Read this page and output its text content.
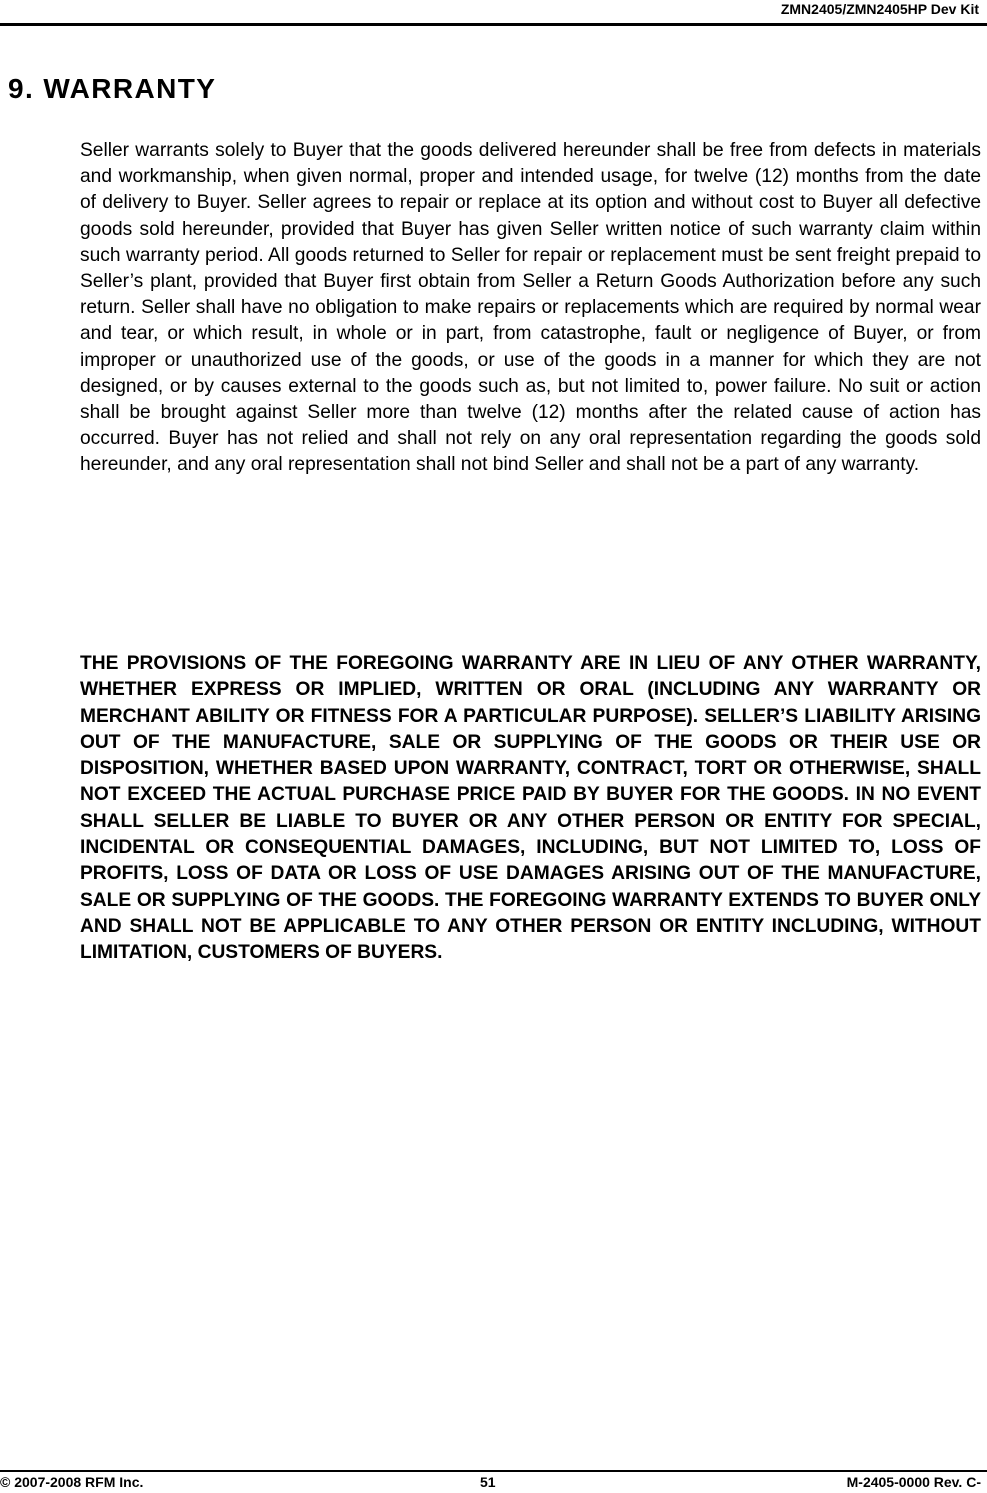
ZMN2405/ZMN2405HP Dev Kit
9. WARRANTY

Seller warrants solely to Buyer that the goods delivered hereunder shall be free from defects in materials and workmanship, when given normal, proper and intended usage, for twelve (12) months from the date of delivery to Buyer. Seller agrees to repair or replace at its option and without cost to Buyer all defective goods sold hereunder, provided that Buyer has given Seller written notice of such warranty claim within such warranty period. All goods returned to Seller for repair or replacement must be sent freight prepaid to Seller’s plant, provided that Buyer first obtain from Seller a Return Goods Authorization before any such return. Seller shall have no obligation to make repairs or replacements which are required by normal wear and tear, or which result, in whole or in part, from catastrophe, fault or negligence of Buyer, or from improper or unauthorized use of the goods, or use of the goods in a manner for which they are not designed, or by causes external to the goods such as, but not limited to, power failure. No suit or action shall be brought against Seller more than twelve (12) months after the related cause of action has occurred. Buyer has not relied and shall not rely on any oral representation regarding the goods sold hereunder, and any oral representation shall not bind Seller and shall not be a part of any warranty.

THE PROVISIONS OF THE FOREGOING WARRANTY ARE IN LIEU OF ANY OTHER WARRANTY, WHETHER EXPRESS OR IMPLIED, WRITTEN OR ORAL (INCLUDING ANY WARRANTY OR MERCHANT ABILITY OR FITNESS FOR A PARTICULAR PURPOSE). SELLER’S LIABILITY ARISING OUT OF THE MANUFACTURE, SALE OR SUPPLYING OF THE GOODS OR THEIR USE OR DISPOSITION, WHETHER BASED UPON WARRANTY, CONTRACT, TORT OR OTHERWISE, SHALL NOT EXCEED THE ACTUAL PURCHASE PRICE PAID BY BUYER FOR THE GOODS. IN NO EVENT SHALL SELLER BE LIABLE TO BUYER OR ANY OTHER PERSON OR ENTITY FOR SPECIAL, INCIDENTAL OR CONSEQUENTIAL DAMAGES, INCLUDING, BUT NOT LIMITED TO, LOSS OF PROFITS, LOSS OF DATA OR LOSS OF USE DAMAGES ARISING OUT OF THE MANUFACTURE, SALE OR SUPPLYING OF THE GOODS. THE FOREGOING WARRANTY EXTENDS TO BUYER ONLY AND SHALL NOT BE APPLICABLE TO ANY OTHER PERSON OR ENTITY INCLUDING, WITHOUT LIMITATION, CUSTOMERS OF BUYERS.

© 2007-2008 RFM Inc.	51	M-2405-0000 Rev. C-
